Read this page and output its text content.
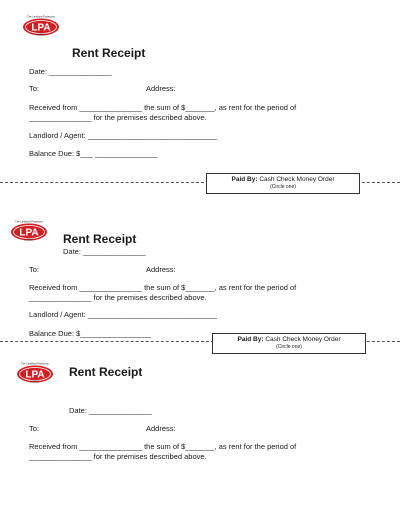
LPA
The Landlord Protection
AGENCY
Rent Receipt
Date: _______________
To:	Address:
Received from _______________ the sum of $_______, as rent for the period of
_______________ for the premises described above.
Landlord / Agent: _______________________________
Balance Due: $___ _______________
Paid By: Cash Check Money Order
(Circle one)
LPA
The Landlord Protection
AGENCY Rent Receipt
Date: _______________
To:	Address:
Received from _______________ the sum of $_______, as rent for the period of
_______________ for the premises described above.
Landlord / Agent: _______________________________
Balance Due: $_________________
Paid By: Cash Check Money Order
(Circle one)
LPA
The Landlord Protection
AGENCY
Rent Receipt
Date: _______________
To:	Address:
Received from _______________ the sum of $_______, as rent for the period of
_______________ for the premises described above.
